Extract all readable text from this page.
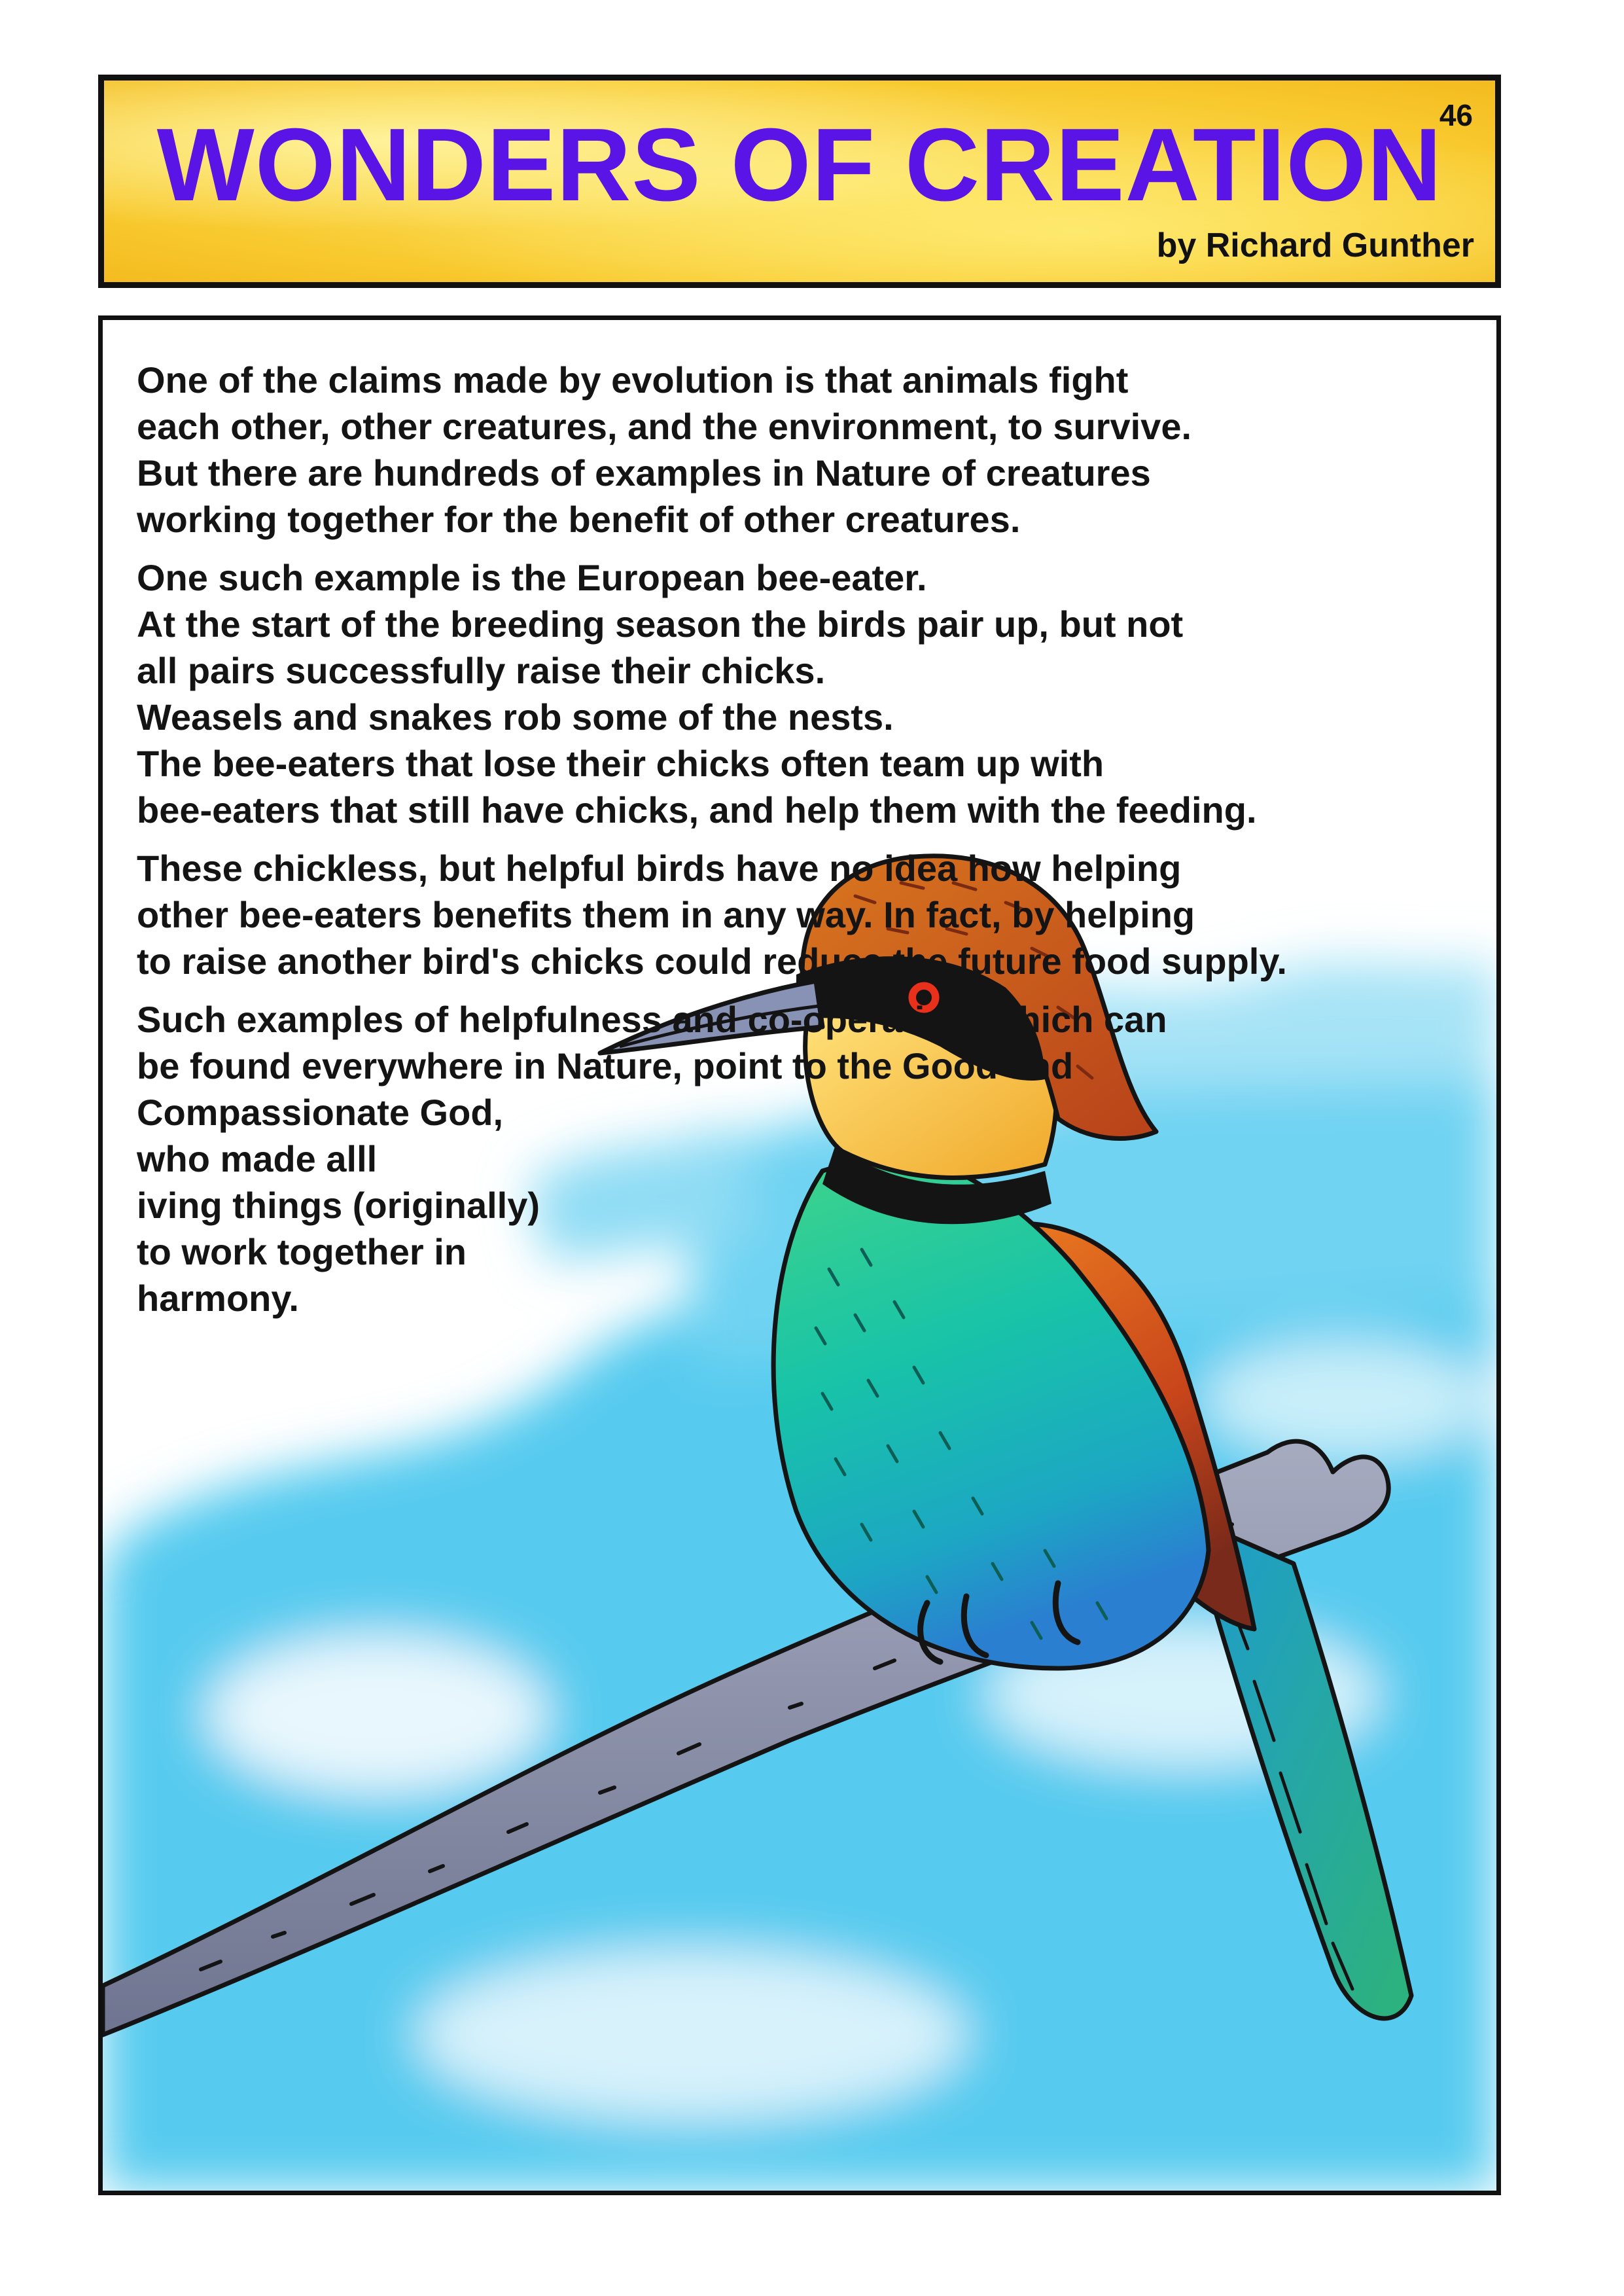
WONDERS OF CREATION
46
by Richard Gunther

One of the claims made by evolution is that animals fight
each other, other creatures, and the environment, to survive.
But there are hundreds of examples in Nature of creatures
working together for the benefit of other creatures.

One such example is the European bee-eater.
At the start of the breeding season the birds pair up, but not
all pairs successfully raise their chicks.
Weasels and snakes rob some of the nests.
The bee-eaters that lose their chicks often team up with
bee-eaters that still have chicks, and help them with the feeding.

These chickless, but helpful birds have no idea how helping
other bee-eaters benefits them in any way. In fact, by helping
to raise another bird's chicks could reduce the future food supply.

Such examples of helpfulness and co-operation, which can
be found everywhere in Nature, point to the Good and
Compassionate God,
who made alll
iving things (originally)
to work together in
harmony.
